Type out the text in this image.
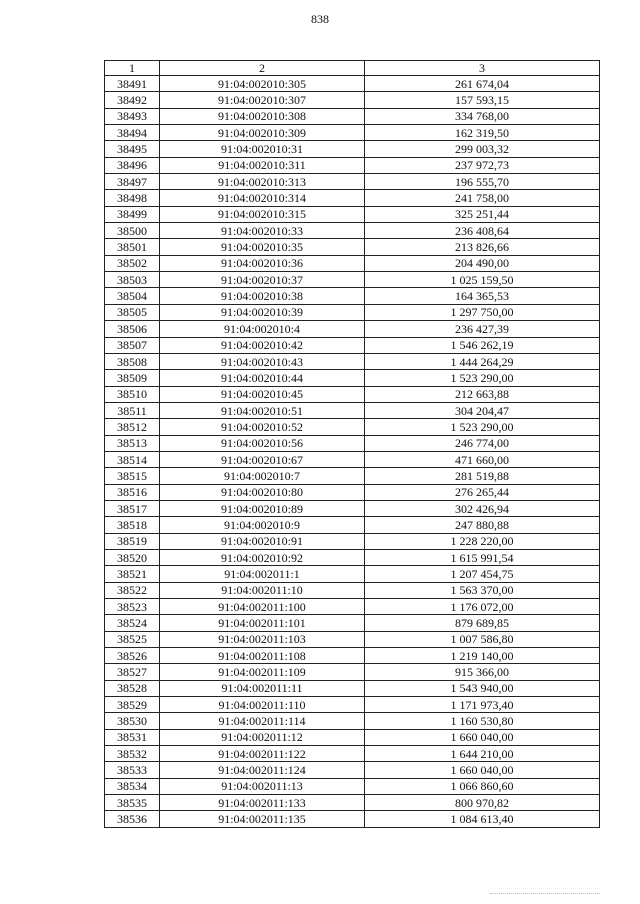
838
1	2	3
38491	91:04:002010:305	261 674,04
38492	91:04:002010:307	157 593,15
38493	91:04:002010:308	334 768,00
38494	91:04:002010:309	162 319,50
38495	91:04:002010:31	299 003,32
38496	91:04:002010:311	237 972,73
38497	91:04:002010:313	196 555,70
38498	91:04:002010:314	241 758,00
38499	91:04:002010:315	325 251,44
38500	91:04:002010:33	236 408,64
38501	91:04:002010:35	213 826,66
38502	91:04:002010:36	204 490,00
38503	91:04:002010:37	1 025 159,50
38504	91:04:002010:38	164 365,53
38505	91:04:002010:39	1 297 750,00
38506	91:04:002010:4	236 427,39
38507	91:04:002010:42	1 546 262,19
38508	91:04:002010:43	1 444 264,29
38509	91:04:002010:44	1 523 290,00
38510	91:04:002010:45	212 663,88
38511	91:04:002010:51	304 204,47
38512	91:04:002010:52	1 523 290,00
38513	91:04:002010:56	246 774,00
38514	91:04:002010:67	471 660,00
38515	91:04:002010:7	281 519,88
38516	91:04:002010:80	276 265,44
38517	91:04:002010:89	302 426,94
38518	91:04:002010:9	247 880,88
38519	91:04:002010:91	1 228 220,00
38520	91:04:002010:92	1 615 991,54
38521	91:04:002011:1	1 207 454,75
38522	91:04:002011:10	1 563 370,00
38523	91:04:002011:100	1 176 072,00
38524	91:04:002011:101	879 689,85
38525	91:04:002011:103	1 007 586,80
38526	91:04:002011:108	1 219 140,00
38527	91:04:002011:109	915 366,00
38528	91:04:002011:11	1 543 940,00
38529	91:04:002011:110	1 171 973,40
38530	91:04:002011:114	1 160 530,80
38531	91:04:002011:12	1 660 040,00
38532	91:04:002011:122	1 644 210,00
38533	91:04:002011:124	1 660 040,00
38534	91:04:002011:13	1 066 860,60
38535	91:04:002011:133	800 970,82
38536	91:04:002011:135	1 084 613,40
